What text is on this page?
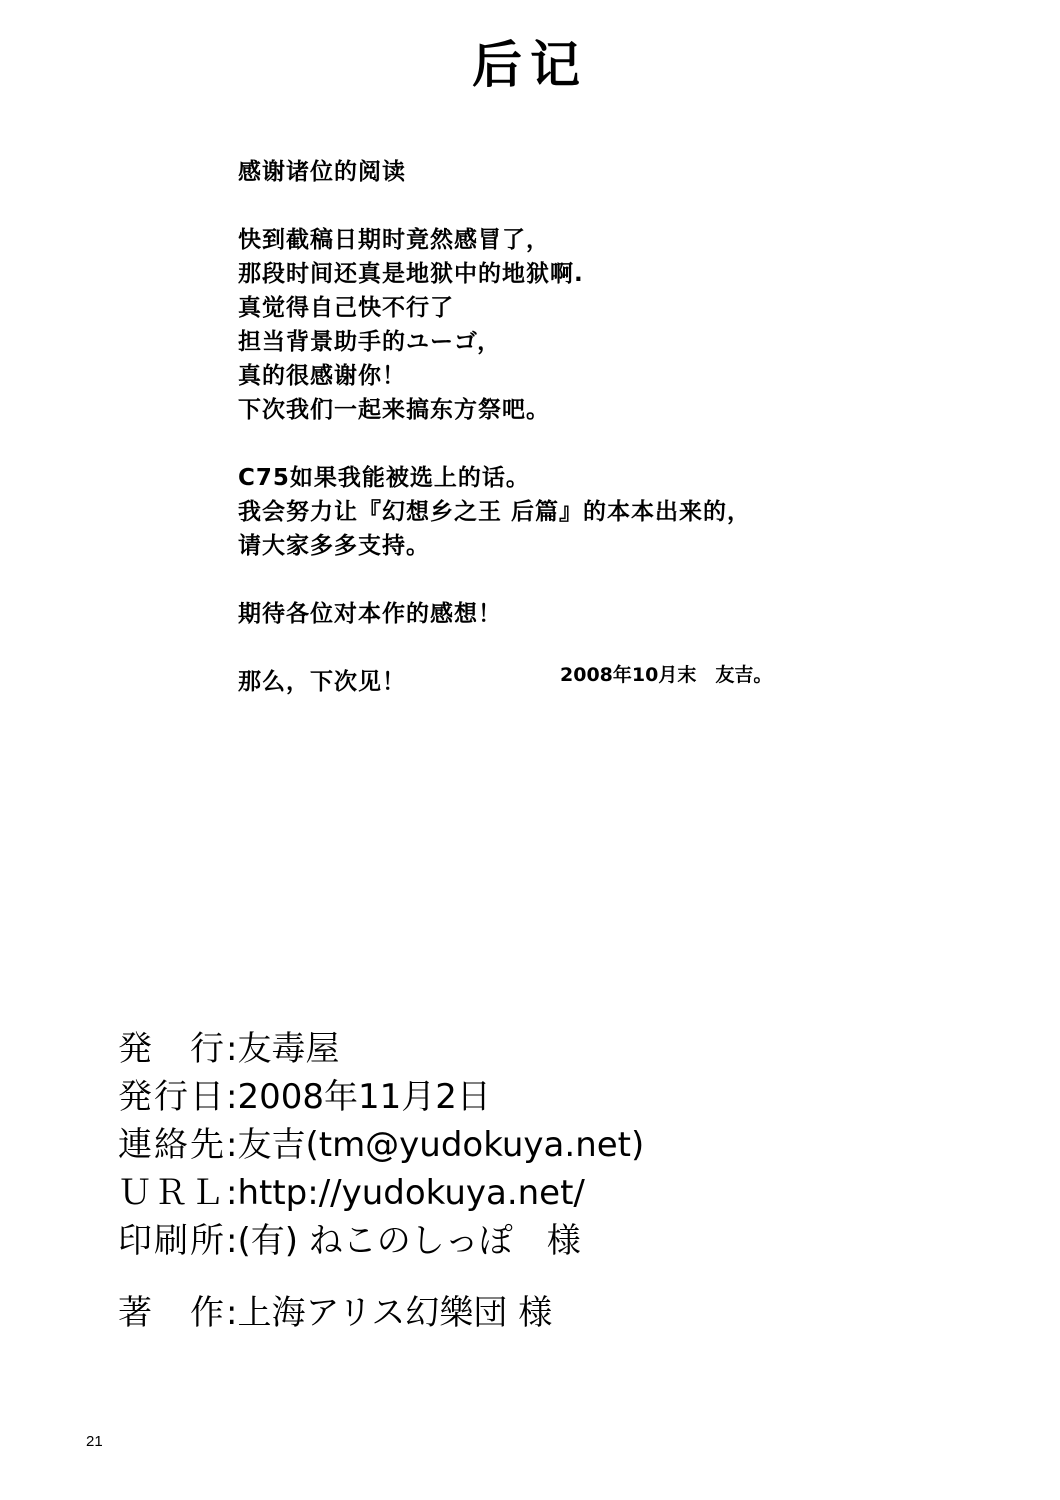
后记
感谢诸位的阅读
快到截稿日期时竟然感冒了，
那段时间还真是地狱中的地狱啊.
真觉得自己快不行了
担当背景助手的ユーゴ，
真的很感谢你！
下次我们一起来搞东方祭吧。
C75如果我能被选上的话。
我会努力让『幻想乡之王 后篇』的本本出来的，
请大家多多支持。
期待各位对本作的感想！
那么，下次见！	2008年10月末　友吉。
発　行:友毒屋
発行日:2008年11月2日
連絡先:友吉(tm@yudokuya.net)
ＵＲＬ:http://yudokuya.net/
印刷所:(有) ねこのしっぽ　様
著　作:上海アリス幻樂団 様
21
